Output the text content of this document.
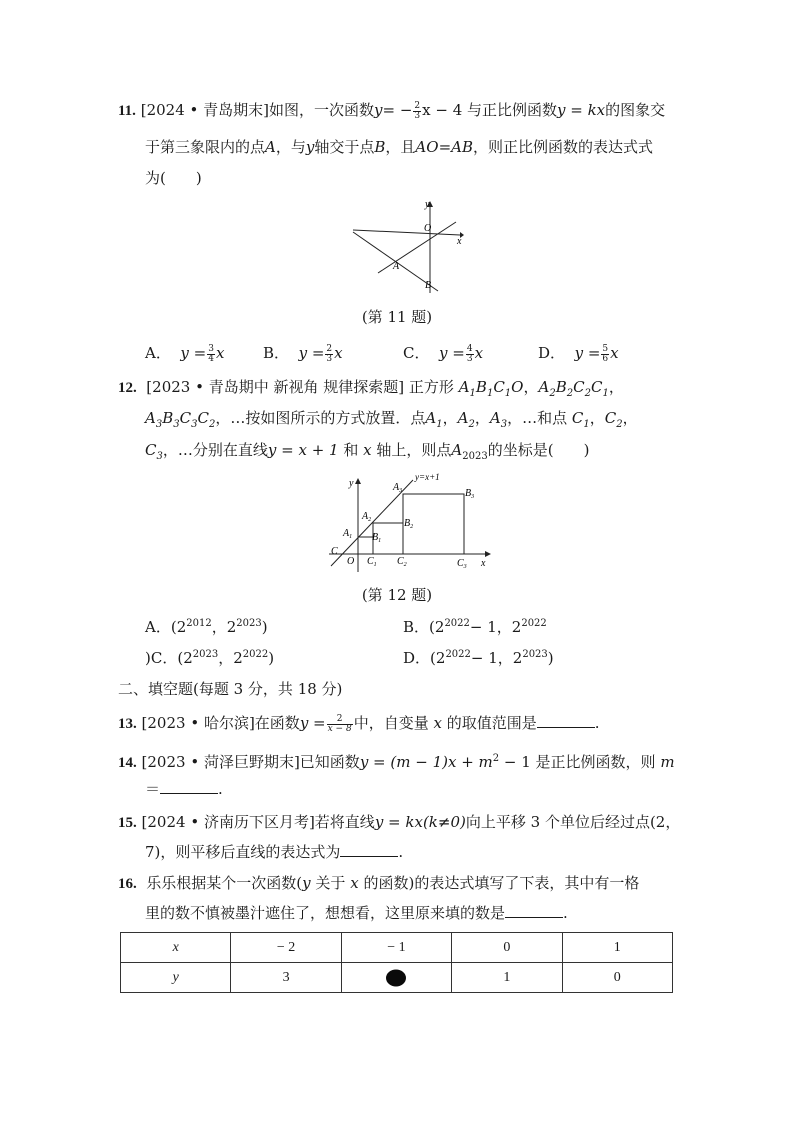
11. [2024 • 青岛期末]如图，一次函数$y= - \frac{2}{3}$ x − 4 与正比例函数y = kx的图象交
于第三象限内的点A，与y轴交于点B，且AO=AB，则正比例函数的表达式式
为(　　)
x
y
O
A
B
(第 11 题)
A． $y = \frac{3}{4}$ x	B． $y = \frac{2}{3}$ x	C． $y = \frac{4}{3}$ x	D． $y = \frac{5}{6}$ x
12. [2023 • 青岛期中 新视角 规律探索题] 正方形 $A_1B_1C_1O$，$A_2B_2C_2C_1$，
$A_3B_3C_3C_2$，…按如图所示的方式放置．点$A_1$，$A_2$，$A_3$，…和点 $C_1$，$C_2$，
$C_3$，…分别在直线y = x + 1 和 x 轴上，则点$A_{2023}$的坐标是(　　)
y=x+1
x
y
O
C
$A_1$
$A_2$
$A_3$
$B_1$
$B_2$
$B_3$
$C_1$ $C_2$	$C_3$
(第 12 题)
A．($2^{2012}$，$2^{2023}$)	B．($2^{2022}- 1$，$2^{2022}$
)C．($2^{2023}$，$2^{2022}$)	D．($2^{2022}- 1$，$2^{2023}$)
二、填空题(每题 3 分，共 18 分)
13. [2023 • 哈尔滨]在函数$y = \frac{2}{x - 8}$ 中，自变量 x 的取值范围是	.
14. [2023 • 菏泽巨野期末]已知函数$y = (m - 1)x + m^2 - 1$ 是正比例函数，则 m
＝	.
15. [2024 • 济南历下区月考]若将直线y = kx(k≠0)向上平移 3 个单位后经过点(2，
7)，则平移后直线的表达式为	.
16. 乐乐根据某个一次函数(y 关于 x 的函数)的表达式填写了下表，其中有一格
里的数不慎被墨汁遮住了，想想看，这里原来填的数是	.
x	− 2	− 1	0	1
y	3		1	0
